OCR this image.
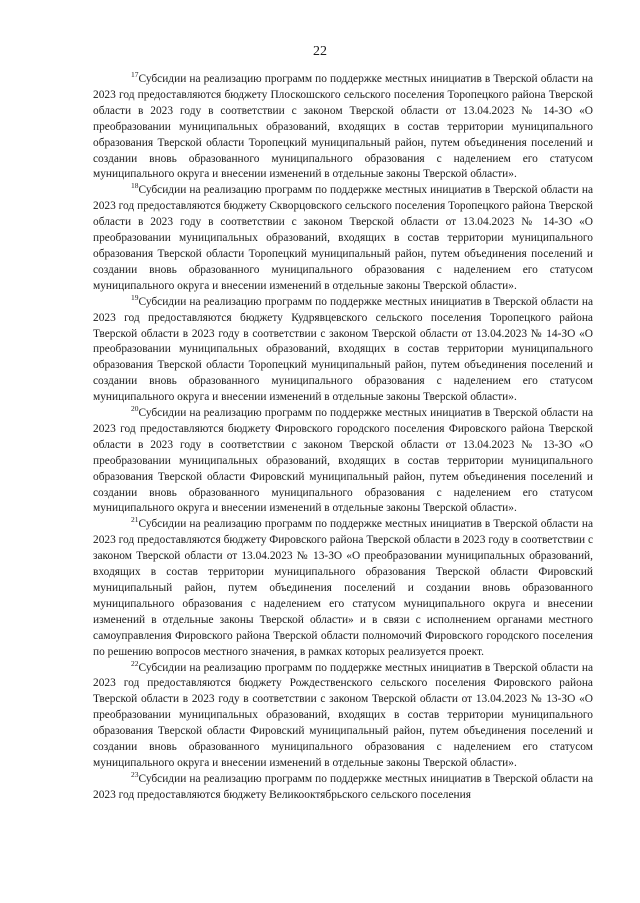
22

$^{17}$Субсидии на реализацию программ по поддержке местных инициатив в Тверской области на 2023 год предоставляются бюджету Плоскошского сельского поселения Торопецкого района Тверской области в 2023 году в соответствии с законом Тверской области от 13.04.2023 № 14-ЗО «О преобразовании муниципальных образований, входящих в состав территории муниципального образования Тверской области Торопецкий муниципальный район, путем объединения поселений и создании вновь образованного муниципального образования с наделением его статусом муниципального округа и внесении изменений в отдельные законы Тверской области».

$^{18}$Субсидии на реализацию программ по поддержке местных инициатив в Тверской области на 2023 год предоставляются бюджету Скворцовского сельского поселения Торопецкого района Тверской области в 2023 году в соответствии с законом Тверской области от 13.04.2023 № 14-ЗО «О преобразовании муниципальных образований, входящих в состав территории муниципального образования Тверской области Торопецкий муниципальный район, путем объединения поселений и создании вновь образованного муниципального образования с наделением его статусом муниципального округа и внесении изменений в отдельные законы Тверской области».

$^{19}$Субсидии на реализацию программ по поддержке местных инициатив в Тверской области на 2023 год предоставляются бюджету Кудрявцевского сельского поселения Торопецкого района Тверской области в 2023 году в соответствии с законом Тверской области от 13.04.2023 № 14-ЗО «О преобразовании муниципальных образований, входящих в состав территории муниципального образования Тверской области Торопецкий муниципальный район, путем объединения поселений и создании вновь образованного муниципального образования с наделением его статусом муниципального округа и внесении изменений в отдельные законы Тверской области».

$^{20}$Субсидии на реализацию программ по поддержке местных инициатив в Тверской области на 2023 год предоставляются бюджету Фировского городского поселения Фировского района Тверской области в 2023 году в соответствии с законом Тверской области от 13.04.2023 № 13-ЗО «О преобразовании муниципальных образований, входящих в состав территории муниципального образования Тверской области Фировский муниципальный район, путем объединения поселений и создании вновь образованного муниципального образования с наделением его статусом муниципального округа и внесении изменений в отдельные законы Тверской области».

$^{21}$Субсидии на реализацию программ по поддержке местных инициатив в Тверской области на 2023 год предоставляются бюджету Фировского района Тверской области в 2023 году в соответствии с законом Тверской области от 13.04.2023 № 13-ЗО «О преобразовании муниципальных образований, входящих в состав территории муниципального образования Тверской области Фировский муниципальный район, путем объединения поселений и создании вновь образованного муниципального образования с наделением его статусом муниципального округа и внесении изменений в отдельные законы Тверской области» и в связи с исполнением органами местного самоуправления Фировского района Тверской области полномочий Фировского городского поселения по решению вопросов местного значения, в рамках которых реализуется проект.

$^{22}$Субсидии на реализацию программ по поддержке местных инициатив в Тверской области на 2023 год предоставляются бюджету Рождественского сельского поселения Фировского района Тверской области в 2023 году в соответствии с законом Тверской области от 13.04.2023 № 13-ЗО «О преобразовании муниципальных образований, входящих в состав территории муниципального образования Тверской области Фировский муниципальный район, путем объединения поселений и создании вновь образованного муниципального образования с наделением его статусом муниципального округа и внесении изменений в отдельные законы Тверской области».

$^{23}$Субсидии на реализацию программ по поддержке местных инициатив в Тверской области на 2023 год предоставляются бюджету Великооктябрьского сельского поселения
